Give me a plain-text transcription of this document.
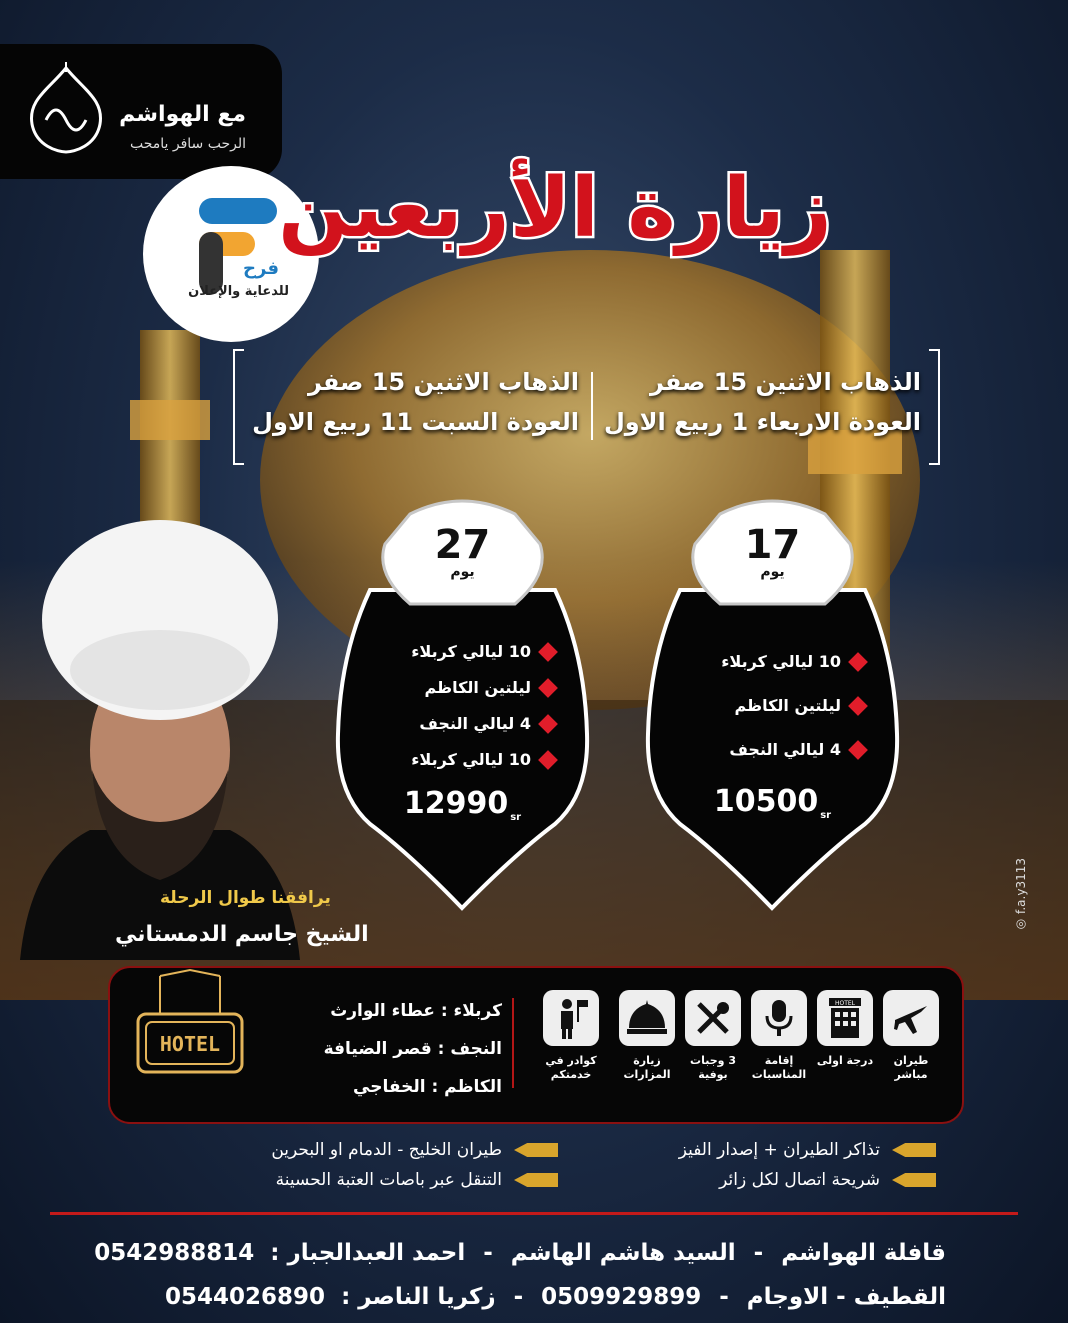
مع الهواشم
الرحب سافر يامحب
فرح
للدعاية والإعلان
زيارة الأربعين
الذهاب الاثنين 15 صفر
العودة الاربعاء 1 ربيع الاول
الذهاب الاثنين 15 صفر
العودة السبت 11 ربيع الاول
17
يوم
10 ليالي كربلاء
ليلتين الكاظم
4 ليالي النجف
10500 $_{sr}$
27
يوم
10 ليالي كربلاء
ليلتين الكاظم
4 ليالي النجف
10 ليالي كربلاء
12990 $_{sr}$
يرافقنا طوال الرحلة
الشيخ جاسم الدمستاني	◎ f.a.y3113
طيران مباشر
HOTEL
درجة اولى
إقامة المناسبات
3 وجبات بوفية
زيارة المزارات
كوادر في خدمتكم
كربلاء : عطاء الوارث
النجف : قصر الضيافة
الكاظم : الخفاجي
HOTEL
تذاكر الطيران + إصدار الفيز
شريحة اتصال لكل زائر
طيران الخليج - الدمام او البحرين
التنقل عبر باصات العتبة الحسينة
قافلة الهواشم - السيد هاشم الهاشم - احمد العبدالجبار : 0542988814
القطيف - الاوجام - 0509929899 - زكريا الناصر : 0544026890
